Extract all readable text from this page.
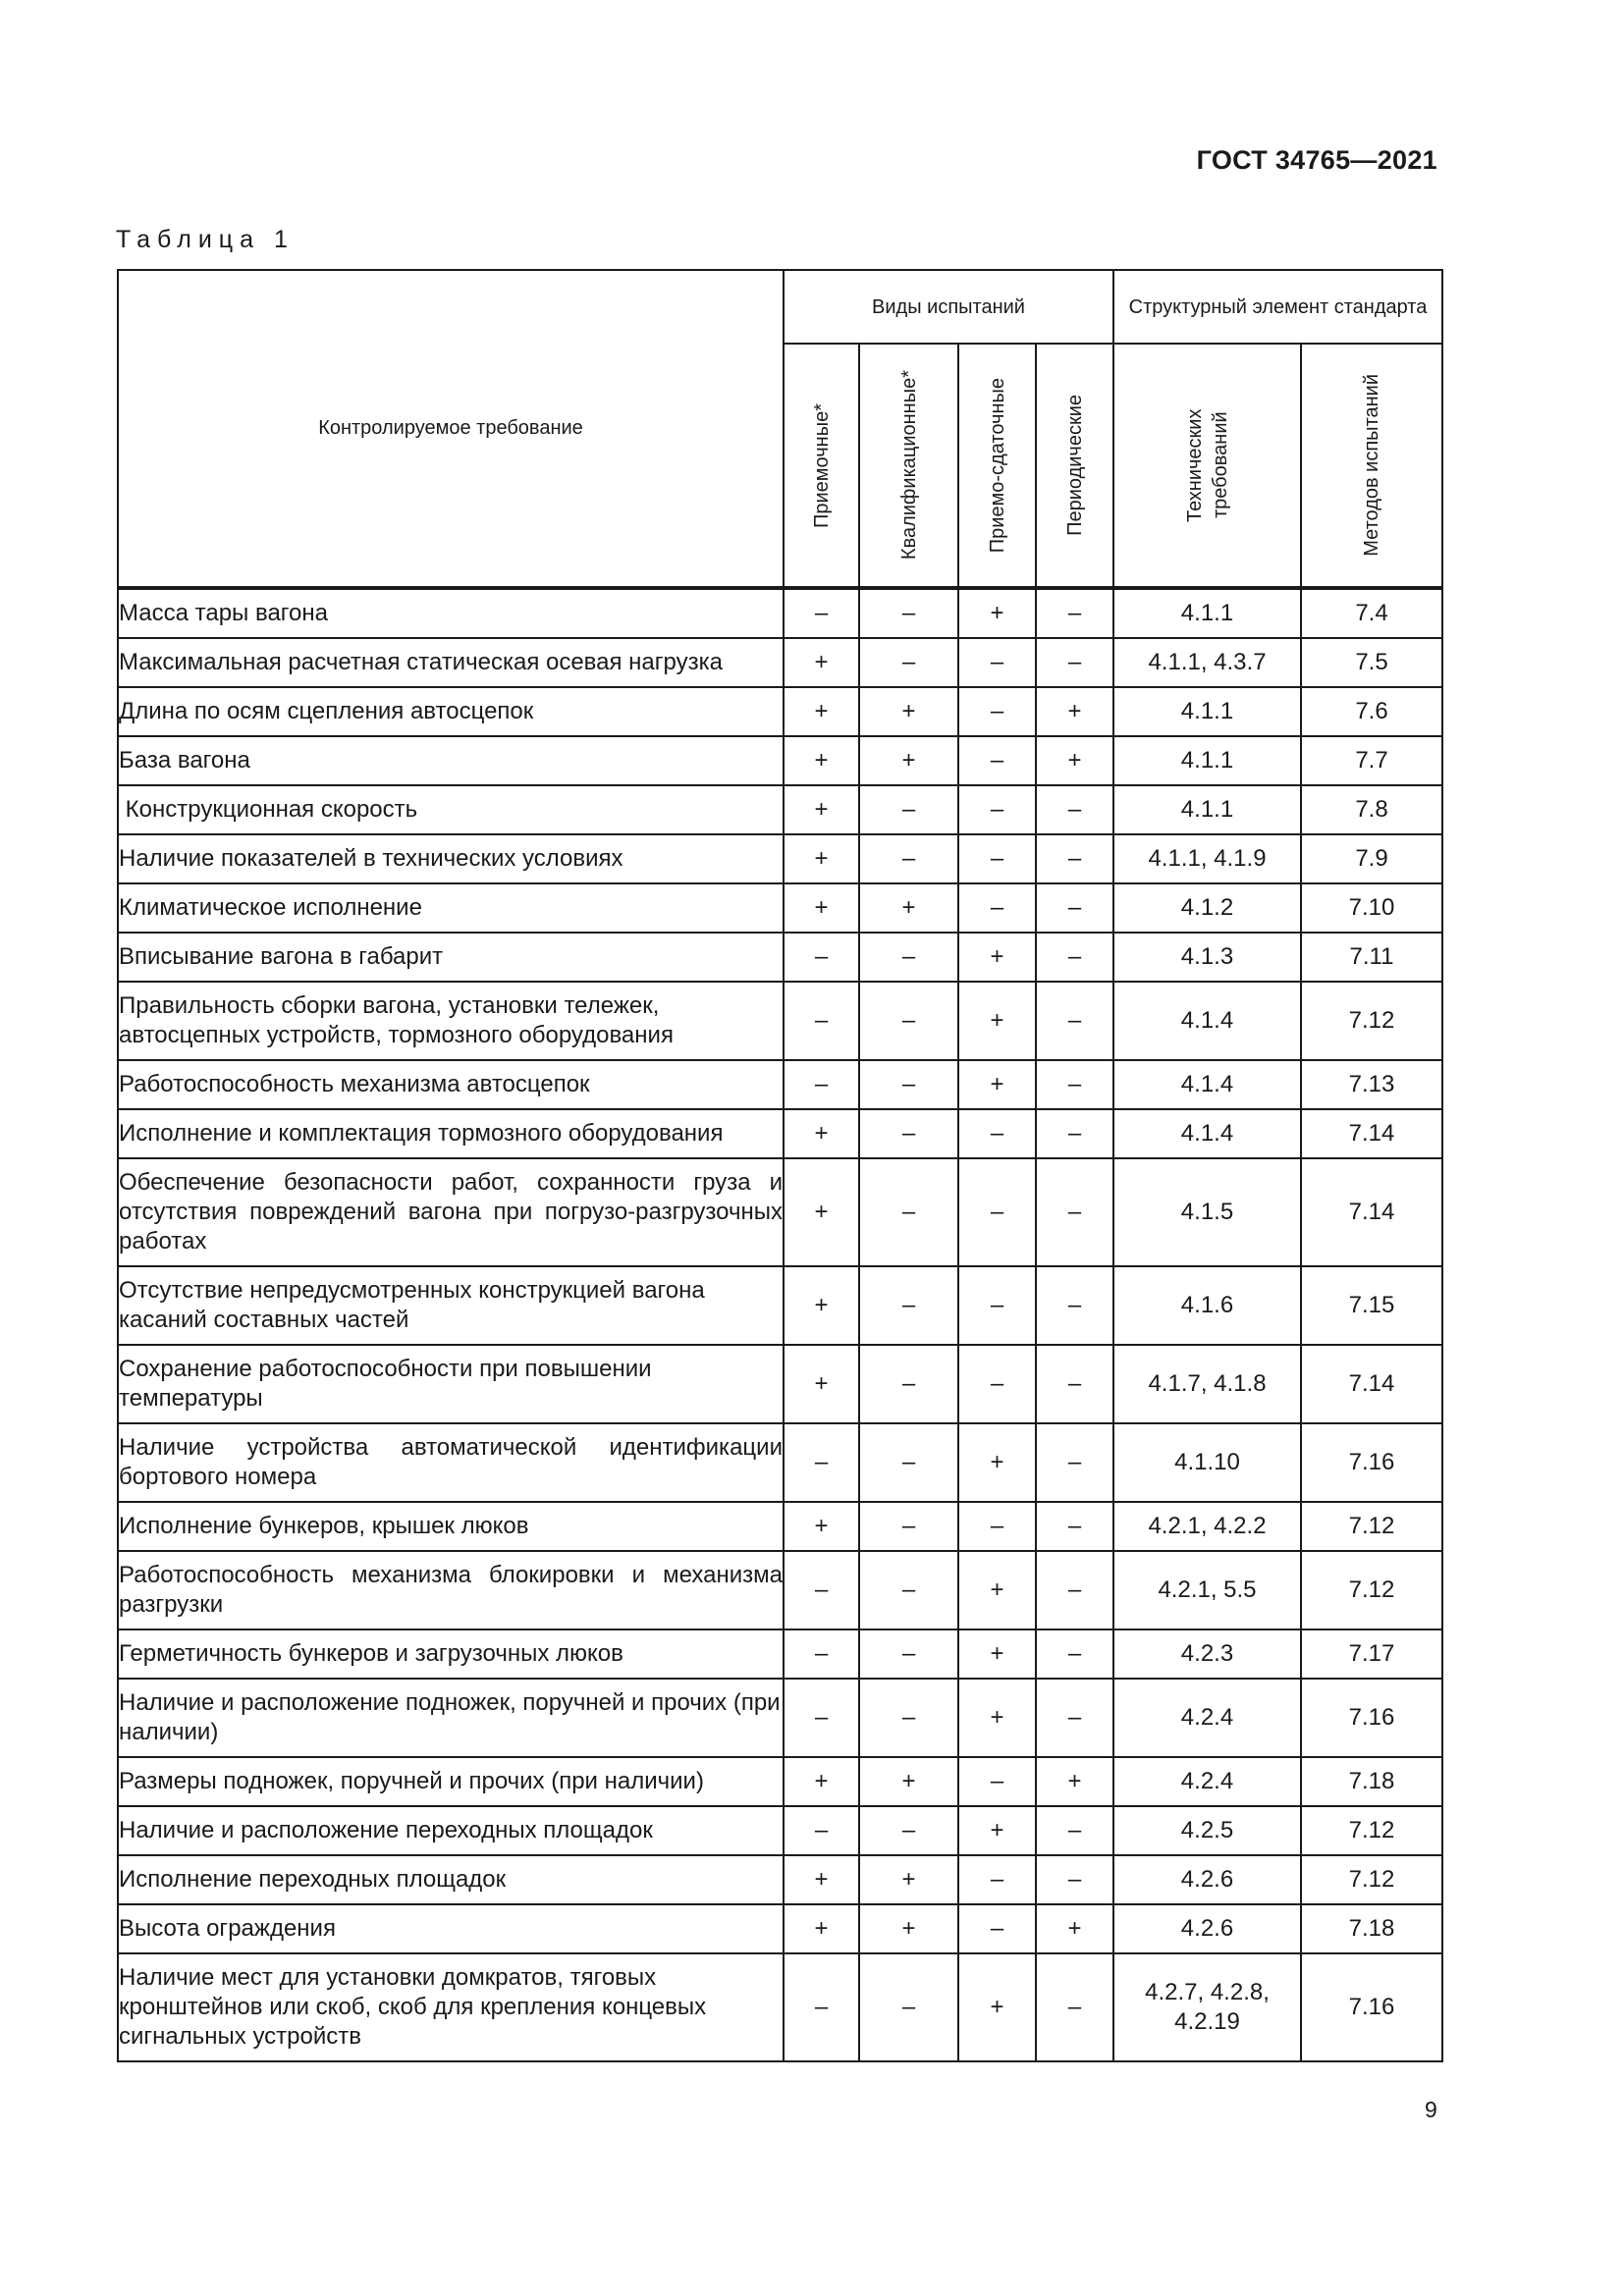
ГОСТ 34765—2021
Таблица 1
Контролируемое требование	Виды испытаний				Структурный элемент стандарта	

	Приемочные*	Квалификационные*	Приемо-сдаточные	Периодические	Технических требований	Методов испытаний

Масса тары вагона	–	–	+	–	4.1.1	7.4
Максимальная расчетная статическая осевая нагрузка	+	–	–	–	4.1.1, 4.3.7	7.5
Длина по осям сцепления автосцепок	+	+	–	+	4.1.1	7.6
База вагона	+	+	–	+	4.1.1	7.7
Конструкционная скорость	+	–	–	–	4.1.1	7.8
Наличие показателей в технических условиях	+	–	–	–	4.1.1, 4.1.9	7.9
Климатическое исполнение	+	+	–	–	4.1.2	7.10
Вписывание вагона в габарит	–	–	+	–	4.1.3	7.11
Правильность сборки вагона, установки тележек, автосцепных устройств, тормозного оборудования	–	–	+	–	4.1.4	7.12
Работоспособность механизма автосцепок	–	–	+	–	4.1.4	7.13
Исполнение и комплектация тормозного оборудования	+	–	–	–	4.1.4	7.14
Обеспечение безопасности работ, сохранности груза и отсутствия повреждений вагона при погрузо-разгрузочных работах	+	–	–	–	4.1.5	7.14
Отсутствие непредусмотренных конструкцией вагона касаний составных частей	+	–	–	–	4.1.6	7.15
Сохранение работоспособности при повышении температуры	+	–	–	–	4.1.7, 4.1.8	7.14
Наличие устройства автоматической идентификации бортового номера	–	–	+	–	4.1.10	7.16
Исполнение бункеров, крышек люков	+	–	–	–	4.2.1, 4.2.2	7.12
Работоспособность механизма блокировки и механизма разгрузки	–	–	+	–	4.2.1, 5.5	7.12
Герметичность бункеров и загрузочных люков	–	–	+	–	4.2.3	7.17
Наличие и расположение подножек, поручней и прочих (при наличии)	–	–	+	–	4.2.4	7.16
Размеры подножек, поручней и прочих (при наличии)	+	+	–	+	4.2.4	7.18
Наличие и расположение переходных площадок	–	–	+	–	4.2.5	7.12
Исполнение переходных площадок	+	+	–	–	4.2.6	7.12
Высота ограждения	+	+	–	+	4.2.6	7.18
Наличие мест для установки домкратов, тяговых кронштейнов или скоб, скоб для крепления концевых сигнальных устройств	–	–	+	–	4.2.7, 4.2.8, 4.2.19	7.16
9
